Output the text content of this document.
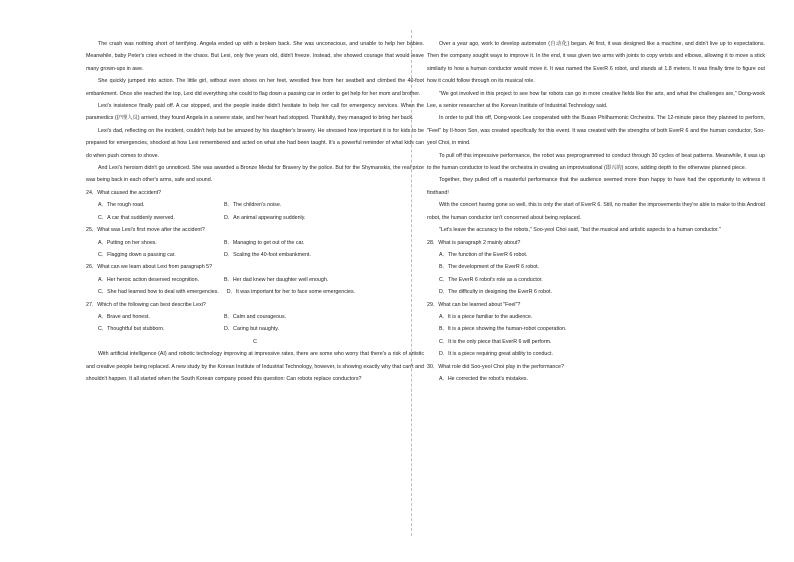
The crash was nothing short of terrifying. Angela ended up with a broken back. She was unconscious, and unable to help her babies. Meanwhile, baby Peter's cries echoed in the chaos. But Lexi, only five years old, didn't freeze. Instead, she showed courage that would leave many grown-ups in awe.

She quickly jumped into action. The little girl, without even shoes on her feet, wrestled free from her seatbelt and climbed the 40-foot embankment. Once she reached the top, Lexi did everything she could to flag down a passing car in order to get help for her mom and brother.

Lexi's insistence finally paid off. A car stopped, and the people inside didn't hesitate to help her call for emergency services. When the paramedics (护理人员) arrived, they found Angela in a severe state, and her heart had stopped. Thankfully, they managed to bring her back.

Lexi's dad, reflecting on the incident, couldn't help but be amazed by his daughter's bravery. He stressed how important it is for kids to be prepared for emergencies, shocked at how Lexi remembered and acted on what she had been taught. It's a powerful reminder of what kids can do when push comes to shove.

And Lexi's heroism didn't go unnoticed. She was awarded a Bronze Medal for Bravery by the police. But for the Shymanskis, the real prize was being back in each other's arms, safe and sound.

24．What caused the accident?
A．The rough road.	B．The children's noise.
C．A car that suddenly swerved.	D．An animal appearing suddenly.
25．What was Lexi's first move after the accident?
A．Putting on her shoes.	B．Managing to get out of the car.
C．Flagging down a passing car.	D．Scaling the 40-foot embankment.
26．What can we learn about Lexi from paragraph 5?
A．Her heroic action deserved recognition.	B．Her dad knew her daughter well enough.
C．She had learned how to deal with emergencies. D．It was important for her to face some emergencies.
27．Which of the following can best describe Lexi?
A．Brave and honest.	B．Calm and courageous.
C．Thoughtful but stubborn.	D．Caring but naughty.
C

With artificial intelligence (AI) and robotic technology improving at impressive rates, there are some who worry that there's a risk of artistic and creative people being replaced. A new study by the Korean Institute of Industrial Technology, however, is showing exactly why that can't and shouldn't happen. It all started when the South Korean company posed this question: Can robots replace conductors?

Over a year ago, work to develop automaton (自动化) began. At first, it was designed like a machine, and didn't live up to expectations. Then the company sought ways to improve it. In the end, it was given two arms with joints to copy wrists and elbows, allowing it to move a stick similarly to how a human conductor would move it. It was named the EverR 6 robot, and stands at 1.8 meters. It was finally time to figure out how it could follow through on its musical role.

"We got involved in this project to see how far robots can go in more creative fields like the arts, and what the challenges are," Dong-wook Lee, a senior researcher at the Korean Institute of Industrial Technology said.

In order to pull this off, Dong-wook Lee cooperated with the Busan Philharmonic Orchestra. The 12-minute piece they planned to perform, "Feel" by Il-hoon Son, was created specifically for this event. It was created with the strengths of both EverR 6 and the human conductor, Soo-yeol Choi, in mind.

To pull off this impressive performance, the robot was preprogrammed to conduct through 30 cycles of beat patterns. Meanwhile, it was up to the human conductor to lead the orchestra in creating an improvisational (即兴的) score, adding depth to the otherwise planned piece.

Together, they pulled off a masterful performance that the audience seemed more than happy to have had the opportunity to witness it firsthand!

With the concert having gone so well, this is only the start of EverR 6. Still, no matter the improvements they're able to make to this Android robot, the human conductor isn't concerned about being replaced.

"Let's leave the accuracy to the robots," Soo-yeol Choi said, "but the musical and artistic aspects to a human conductor."

28．What is paragraph 2 mainly about?
A．The function of the EverR 6 robot.
B．The development of the EverR 6 robot.
C．The EverR 6 robot's role as a conductor.
D．The difficulty in designing the EverR 6 robot.
29．What can be learned about "Feel"?
A．It is a piece familiar to the audience.
B．It is a piece showing the human-robot cooperation.
C．It is the only piece that EverR 6 will perform.
D．It is a piece requiring great ability to conduct.
30．What role did Soo-yeol Choi play in the performance?
A．He corrected the robot's mistakes.
